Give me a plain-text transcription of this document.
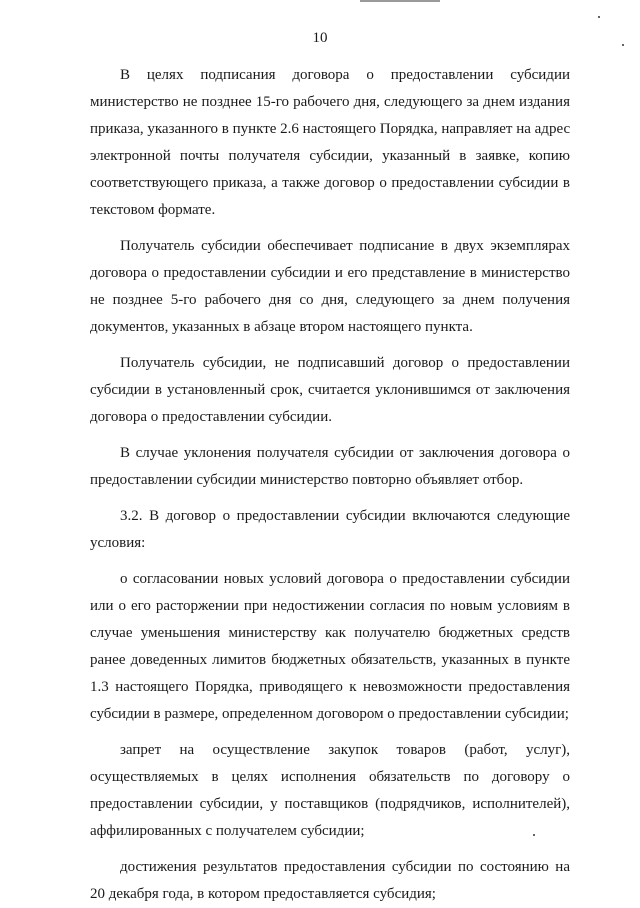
10
В целях подписания договора о предоставлении субсидии
министерство не позднее 15-го рабочего дня, следующего за днем издания
приказа, указанного в пункте 2.6 настоящего Порядка, направляет на адрес
электронной почты получателя субсидии, указанный в заявке, копию
соответствующего приказа, а также договор о предоставлении субсидии в
текстовом формате.
Получатель субсидии обеспечивает подписание в двух экземплярах
договора о предоставлении субсидии и его представление в министерство
не позднее 5-го рабочего дня со дня, следующего за днем получения
документов, указанных в абзаце втором настоящего пункта.
Получатель субсидии, не подписавший договор о предоставлении
субсидии в установленный срок, считается уклонившимся от заключения
договора о предоставлении субсидии.
В случае уклонения получателя субсидии от заключения договора о
предоставлении субсидии министерство повторно объявляет отбор.
3.2. В договор о предоставлении субсидии включаются следующие
условия:
о согласовании новых условий договора о предоставлении субсидии
или о его расторжении при недостижении согласия по новым условиям в
случае уменьшения министерству как получателю бюджетных средств
ранее доведенных лимитов бюджетных обязательств, указанных в пункте
1.3 настоящего Порядка, приводящего к невозможности предоставления
субсидии в размере, определенном договором о предоставлении субсидии;
запрет на осуществление закупок товаров (работ, услуг),
осуществляемых в целях исполнения обязательств по договору о
предоставлении субсидии, у поставщиков (подрядчиков, исполнителей),
аффилированных с получателем субсидии;
достижения результатов предоставления субсидии по состоянию на
20 декабря года, в котором предоставляется субсидия;
